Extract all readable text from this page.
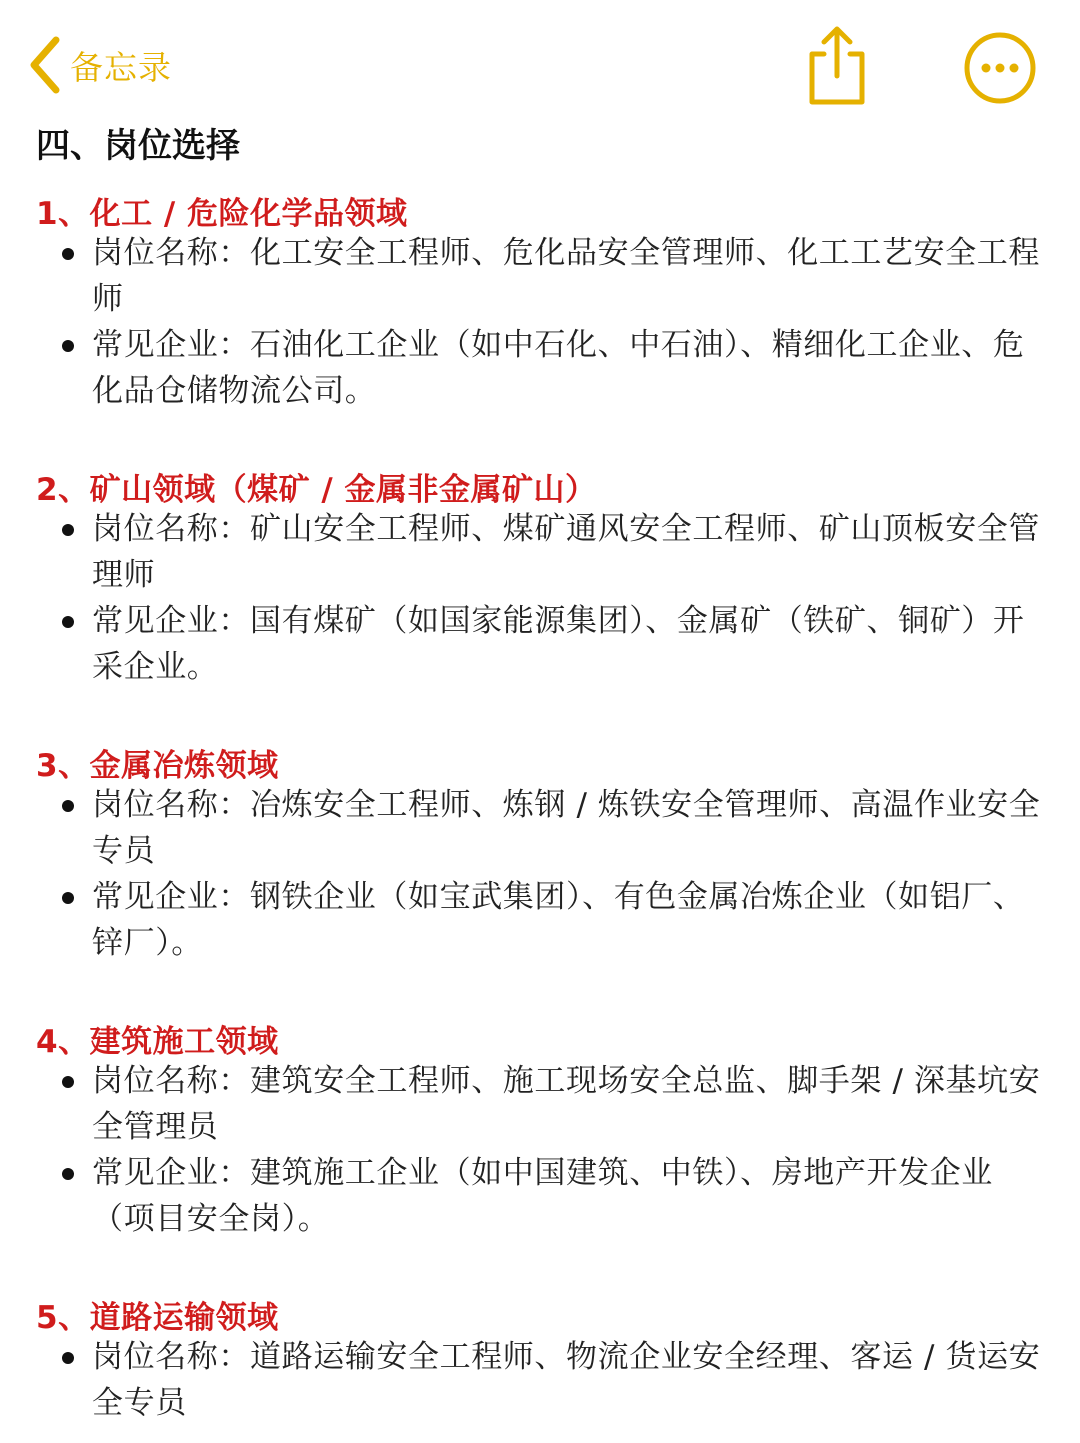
备忘录
四、岗位选择
1、化工 / 危险化学品领域
岗位名称：化工安全工程师、危化品安全管理师、化工工艺安全工程师
常见企业：石油化工企业（如中石化、中石油）、精细化工企业、危化品仓储物流公司。
2、矿山领域（煤矿 / 金属非金属矿山）
岗位名称：矿山安全工程师、煤矿通风安全工程师、矿山顶板安全管理师
常见企业：国有煤矿（如国家能源集团）、金属矿（铁矿、铜矿）开采企业。
3、金属冶炼领域
岗位名称：冶炼安全工程师、炼钢 / 炼铁安全管理师、高温作业安全专员
常见企业：钢铁企业（如宝武集团）、有色金属冶炼企业（如铝厂、锌厂）。
4、建筑施工领域
岗位名称：建筑安全工程师、施工现场安全总监、脚手架 / 深基坑安全管理员
常见企业：建筑施工企业（如中国建筑、中铁）、房地产开发企业（项目安全岗）。
5、道路运输领域
岗位名称：道路运输安全工程师、物流企业安全经理、客运 / 货运安全专员
